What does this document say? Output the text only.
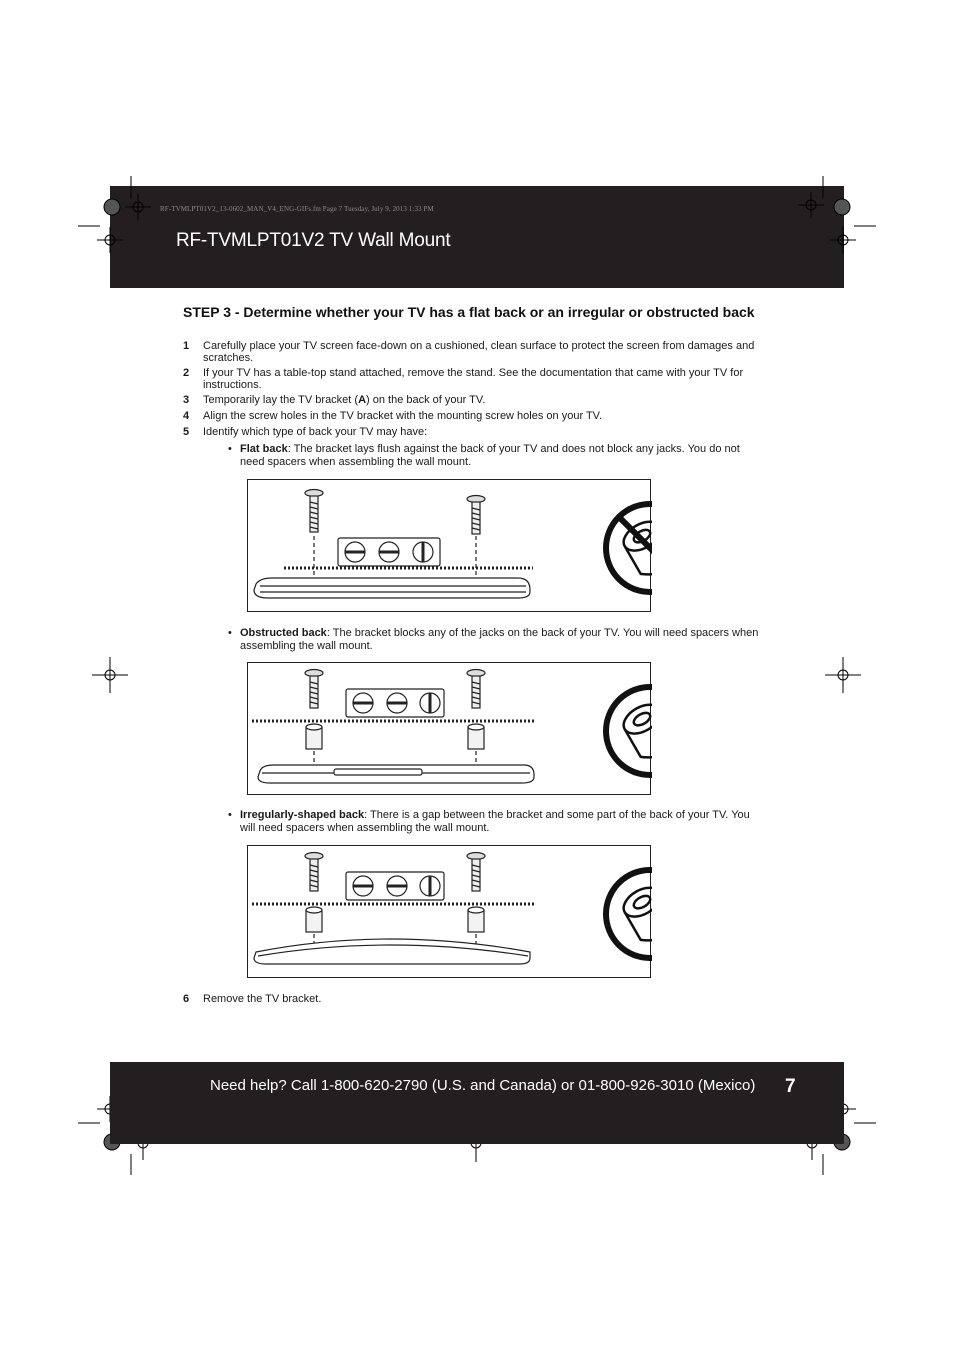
RF-TVMLPT01V2_13-0602_MAN_V4_ENG-GIFs.fm Page 7 Tuesday, July 9, 2013 1:33 PM
RF-TVMLPT01V2 TV Wall Mount
STEP 3 - Determine whether your TV has a flat back or an irregular or obstructed back
1 Carefully place your TV screen face-down on a cushioned, clean surface to protect the screen from damages and scratches.
2 If your TV has a table-top stand attached, remove the stand. See the documentation that came with your TV for instructions.
3 Temporarily lay the TV bracket (A) on the back of your TV.
4 Align the screw holes in the TV bracket with the mounting screw holes on your TV.
5 Identify which type of back your TV may have:
• Flat back: The bracket lays flush against the back of your TV and does not block any jacks. You do not need spacers when assembling the wall mount.
• Obstructed back: The bracket blocks any of the jacks on the back of your TV. You will need spacers when assembling the wall mount.
• Irregularly-shaped back: There is a gap between the bracket and some part of the back of your TV. You will need spacers when assembling the wall mount.
6 Remove the TV bracket.
Need help? Call 1-800-620-2790 (U.S. and Canada) or 01-800-926-3010 (Mexico) 7
